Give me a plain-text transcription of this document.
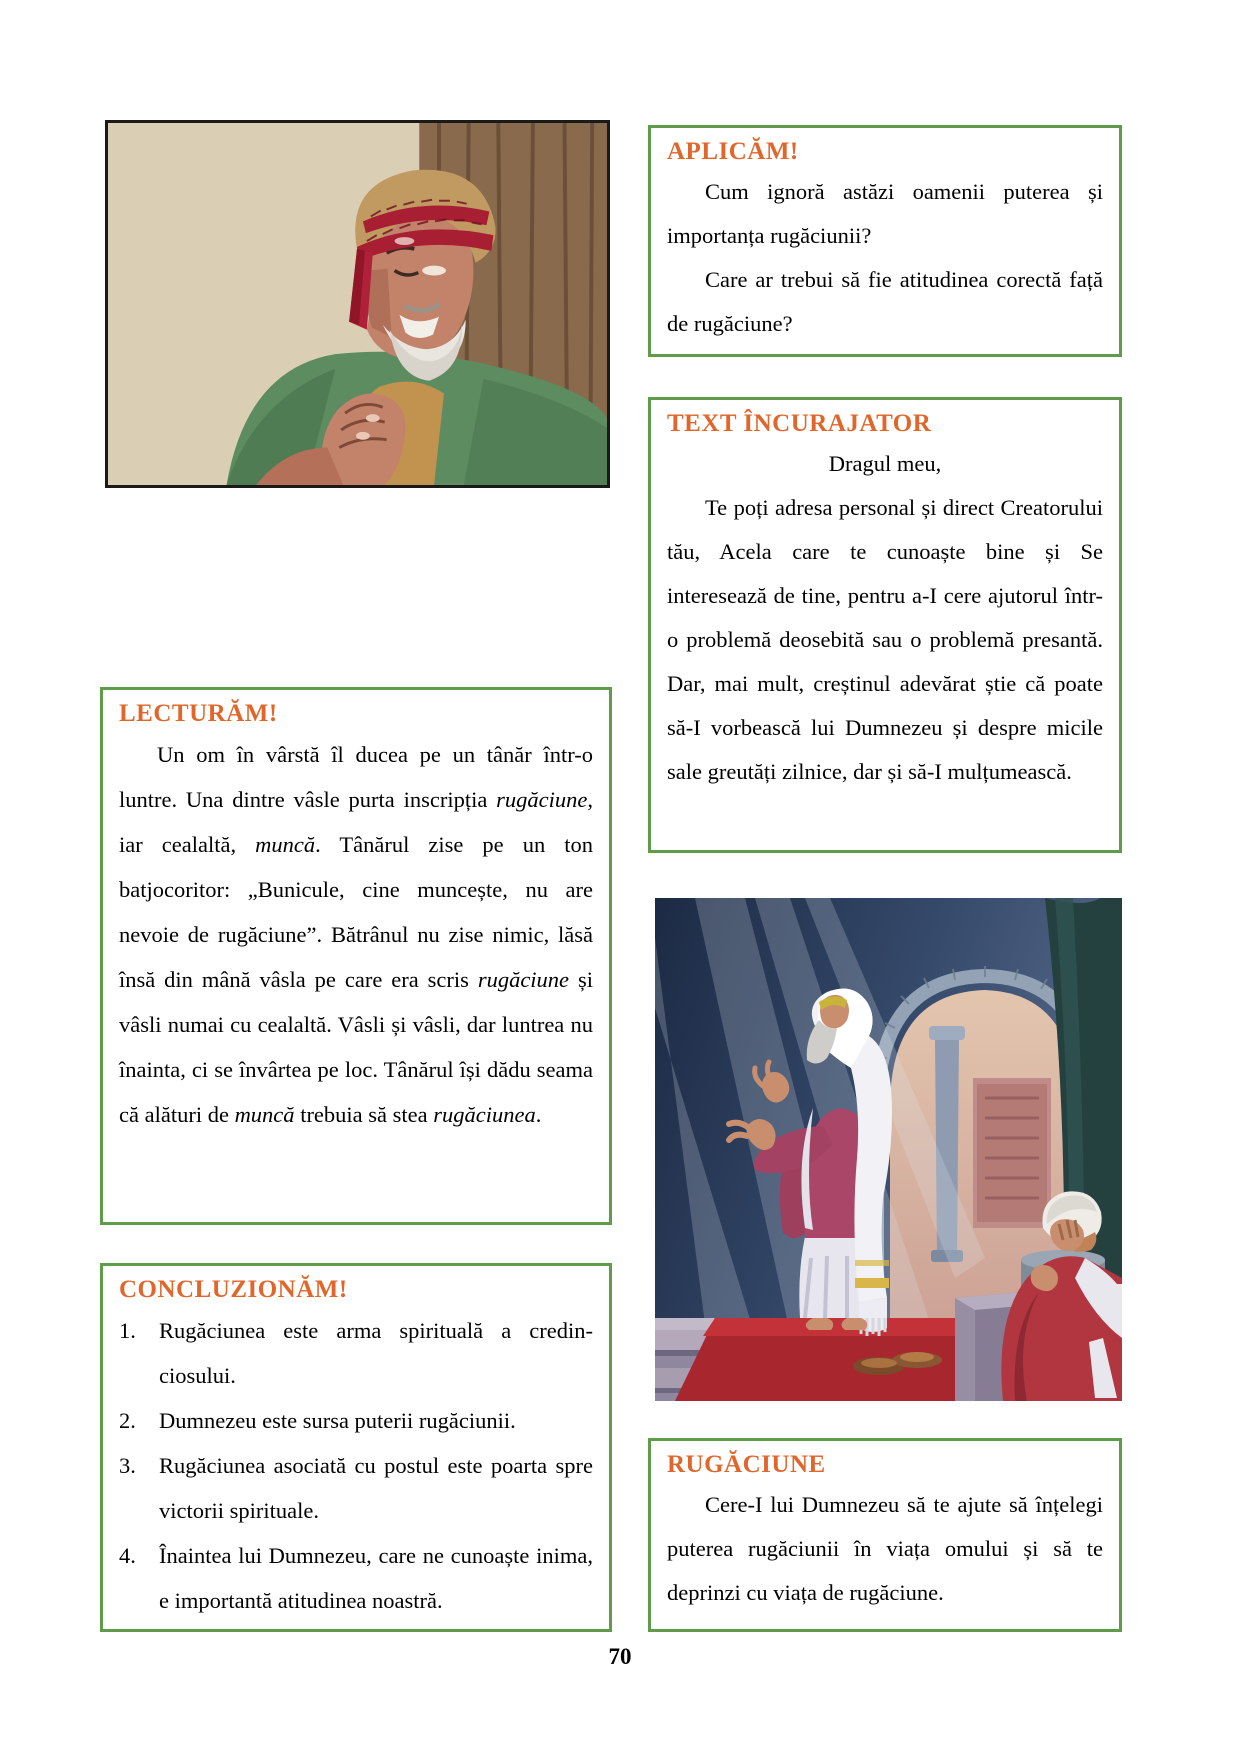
APLICĂM!
Cum ignoră astăzi oamenii puterea și importanța rugăciunii?
Care ar trebui să fie atitudinea corectă față de rugăciune?
TEXT ÎNCURAJATOR
Dragul meu,
Te poți adresa personal și direct Creatorului tău, Acela care te cunoaște bine și Se interesează de tine, pentru a-I cere ajutorul într-o problemă deosebită sau o problemă presantă. Dar, mai mult, creștinul adevărat știe că poate să-I vorbească lui Dumnezeu și despre micile sale greutăți zilnice, dar și să-I mulțumească.
LECTURĂM!
Un om în vârstă îl ducea pe un tânăr într-o luntre. Una dintre vâsle purta inscripția rugăciune, iar cealaltă, muncă. Tânărul zise pe un ton batjocoritor: „Bunicule, cine muncește, nu are nevoie de rugăciune”. Bătrânul nu zise nimic, lăsă însă din mână vâsla pe care era scris rugăciune și vâsli numai cu cealaltă. Vâsli și vâsli, dar luntrea nu înainta, ci se învârtea pe loc. Tânărul își dădu seama că alături de muncă trebuia să stea rugăciunea.
CONCLUZIONĂM!
1.	Rugăciunea este arma spirituală a credinciosului.
2.	Dumnezeu este sursa puterii rugăciunii.
3.	Rugăciunea asociată cu postul este poarta spre victorii spirituale.
4.	Înaintea lui Dumnezeu, care ne cunoaște inima, e importantă atitudinea noastră.
RUGĂCIUNE
Cere-I lui Dumnezeu să te ajute să înțelegi puterea rugăciunii în viața omului și să te deprinzi cu viața de rugăciune.
70
